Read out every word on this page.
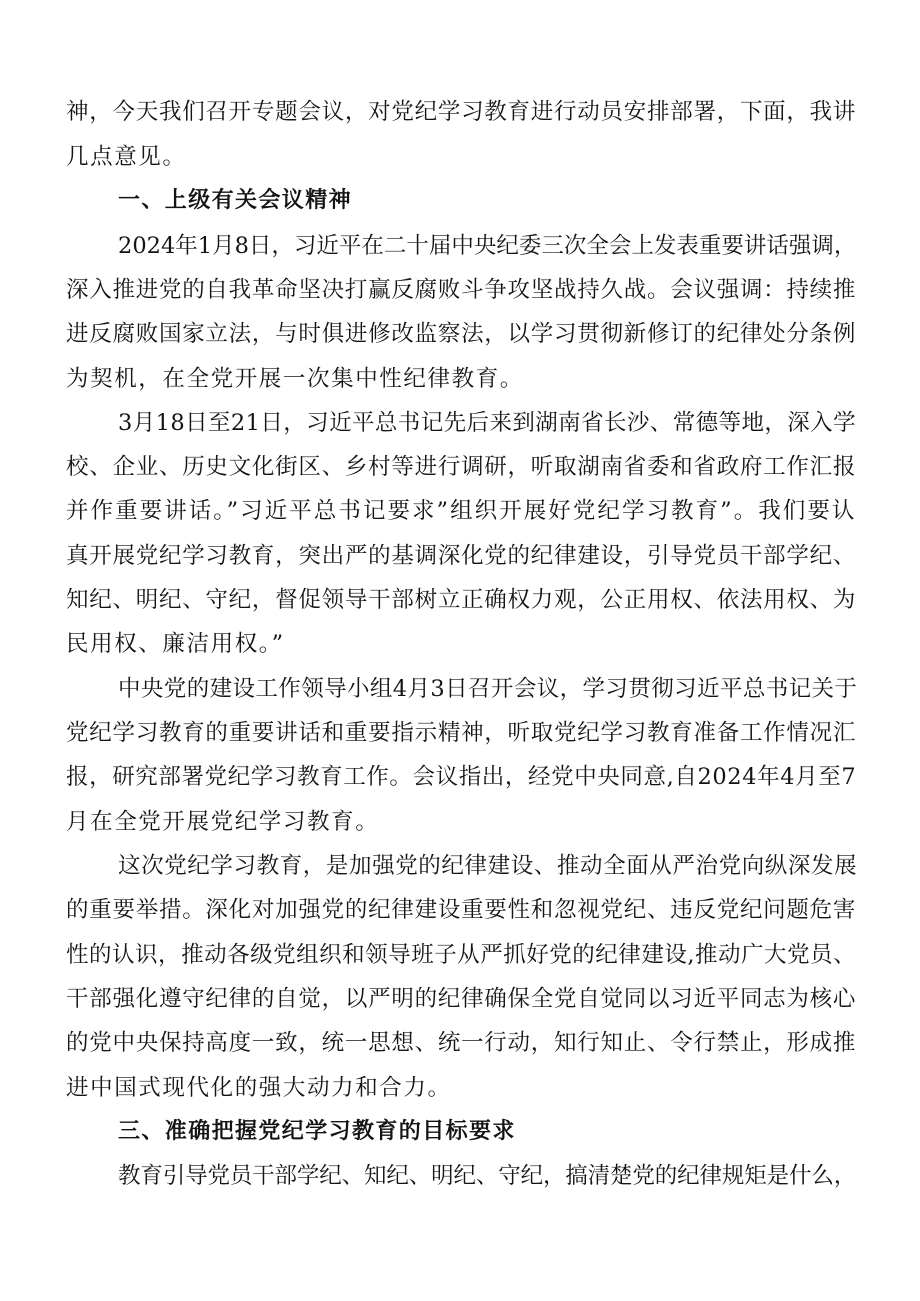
神，今天我们召开专题会议，对党纪学习教育进行动员安排部署，下面，我讲
几点意见。
一、上级有关会议精神
2024年1月8日，习近平在二十届中央纪委三次全会上发表重要讲话强调，
深入推进党的自我革命坚决打赢反腐败斗争攻坚战持久战。会议强调：持续推
进反腐败国家立法，与时俱进修改监察法，以学习贯彻新修订的纪律处分条例
为契机，在全党开展一次集中性纪律教育。
3月18日至21日，习近平总书记先后来到湖南省长沙、常德等地，深入学
校、企业、历史文化街区、乡村等进行调研，听取湖南省委和省政府工作汇报
并作重要讲话。”习近平总书记要求”组织开展好党纪学习教育”。我们要认
真开展党纪学习教育，突出严的基调深化党的纪律建设，引导党员干部学纪、
知纪、明纪、守纪，督促领导干部树立正确权力观，公正用权、依法用权、为
民用权、廉洁用权。”
中央党的建设工作领导小组4月3日召开会议，学习贯彻习近平总书记关于
党纪学习教育的重要讲话和重要指示精神，听取党纪学习教育准备工作情况汇
报，研究部署党纪学习教育工作。会议指出，经党中央同意,自2024年4月至7
月在全党开展党纪学习教育。
这次党纪学习教育，是加强党的纪律建设、推动全面从严治党向纵深发展
的重要举措。深化对加强党的纪律建设重要性和忽视党纪、违反党纪问题危害
性的认识，推动各级党组织和领导班子从严抓好党的纪律建设,推动广大党员、
干部强化遵守纪律的自觉，以严明的纪律确保全党自觉同以习近平同志为核心
的党中央保持高度一致，统一思想、统一行动，知行知止、令行禁止，形成推
进中国式现代化的强大动力和合力。
三、准确把握党纪学习教育的目标要求
教育引导党员干部学纪、知纪、明纪、守纪，搞清楚党的纪律规矩是什么，
